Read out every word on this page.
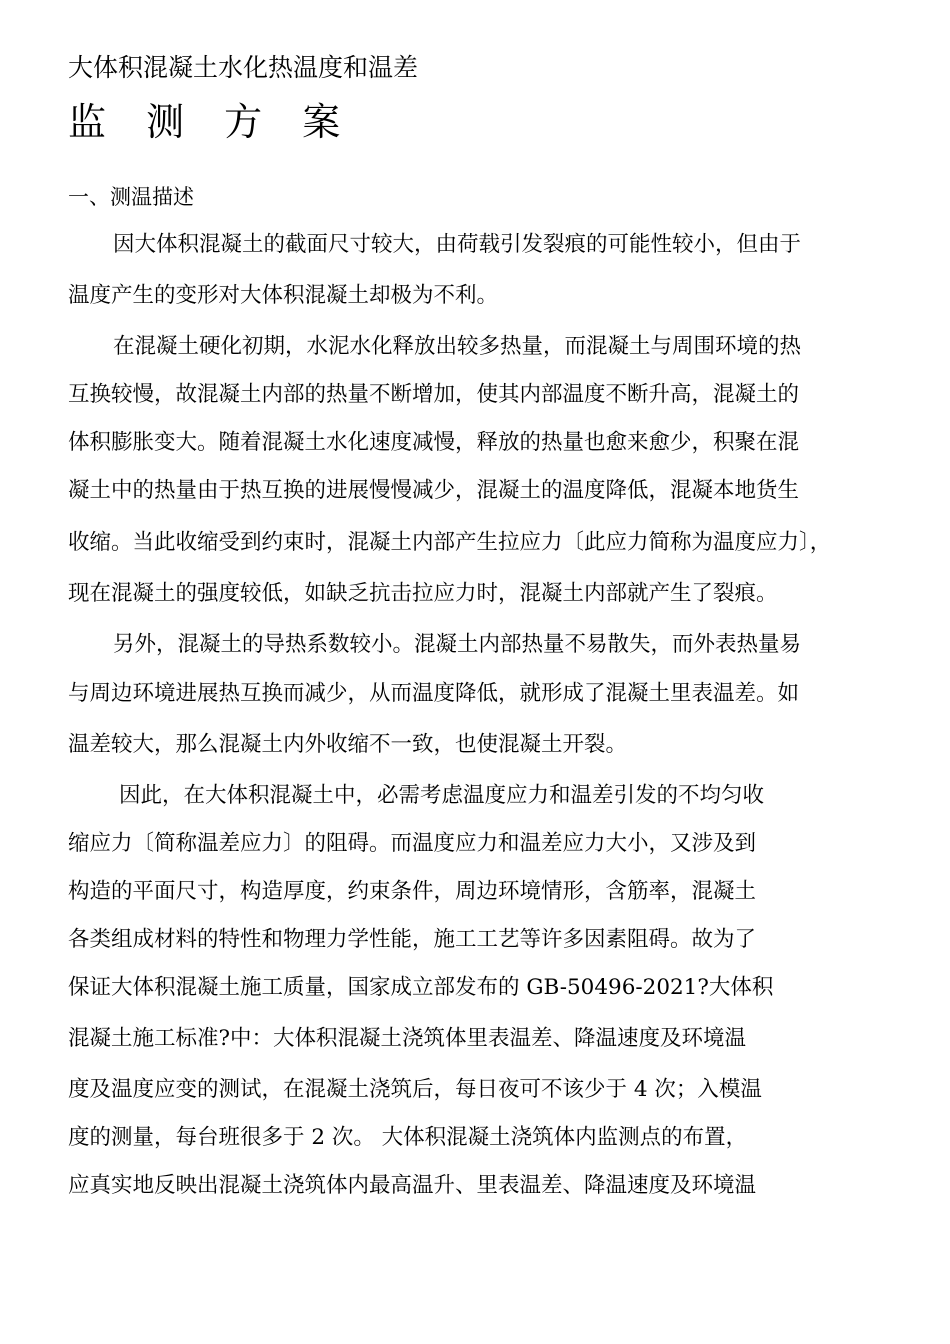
大体积混凝土水化热温度和温差
监 测 方 案
一、测温描述
因大体积混凝土的截面尺寸较大，由荷载引发裂痕的可能性较小，但由于
温度产生的变形对大体积混凝土却极为不利。
在混凝土硬化初期，水泥水化释放出较多热量，而混凝土与周围环境的热
互换较慢，故混凝土内部的热量不断增加，使其内部温度不断升高，混凝土的
体积膨胀变大。随着混凝土水化速度减慢，释放的热量也愈来愈少，积聚在混
凝土中的热量由于热互换的进展慢慢减少，混凝土的温度降低，混凝本地货生
收缩。当此收缩受到约束时，混凝土内部产生拉应力〔此应力简称为温度应力〕，
现在混凝土的强度较低，如缺乏抗击拉应力时，混凝土内部就产生了裂痕。
另外，混凝土的导热系数较小。混凝土内部热量不易散失，而外表热量易
与周边环境进展热互换而减少，从而温度降低，就形成了混凝土里表温差。如
温差较大，那么混凝土内外收缩不一致，也使混凝土开裂。
因此，在大体积混凝土中，必需考虑温度应力和温差引发的不均匀收
缩应力〔简称温差应力〕的阻碍。而温度应力和温差应力大小，又涉及到
构造的平面尺寸，构造厚度，约束条件，周边环境情形，含筋率，混凝土
各类组成材料的特性和物理力学性能，施工工艺等许多因素阻碍。故为了
保证大体积混凝土施工质量，国家成立部发布的 GB-50496-2021?大体积
混凝土施工标准?中：大体积混凝土浇筑体里表温差、降温速度及环境温
度及温度应变的测试，在混凝土浇筑后，每日夜可不该少于 4 次；入模温
度的测量，每台班很多于 2 次。 大体积混凝土浇筑体内监测点的布置，
应真实地反映出混凝土浇筑体内最高温升、里表温差、降温速度及环境温
